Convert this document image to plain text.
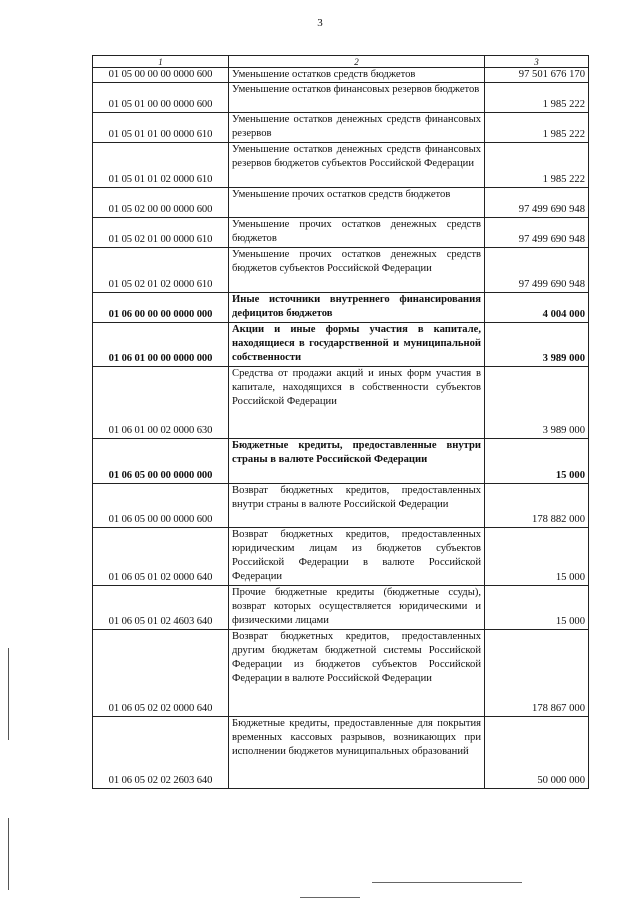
3
1	2	3
01 05 00 00 00 0000 600	Уменьшение остатков средств бюджетов	97 501 676 170
01 05 01 00 00 0000 600	Уменьшение остатков финансовых резервов бюджетов	1 985 222
01 05 01 01 00 0000 610	Уменьшение остатков денежных средств финансовых резервов	1 985 222
01 05 01 01 02 0000 610	Уменьшение остатков денежных средств финансовых резервов бюджетов субъектов Российской Федерации	1 985 222
01 05 02 00 00 0000 600	Уменьшение прочих остатков средств бюджетов	97 499 690 948
01 05 02 01 00 0000 610	Уменьшение прочих остатков денежных средств бюджетов	97 499 690 948
01 05 02 01 02 0000 610	Уменьшение прочих остатков денежных средств бюджетов субъектов Российской Федерации	97 499 690 948
01 06 00 00 00 0000 000	Иные источники внутреннего финансирования дефицитов бюджетов	4 004 000
01 06 01 00 00 0000 000	Акции и иные формы участия в капитале, находящиеся в государственной и муниципальной собственности	3 989 000
01 06 01 00 02 0000 630	Средства от продажи акций и иных форм участия в капитале, находящихся в собственности субъектов Российской Федерации	3 989 000
01 06 05 00 00 0000 000	Бюджетные кредиты, предоставленные внутри страны в валюте Российской Федерации	15 000
01 06 05 00 00 0000 600	Возврат бюджетных кредитов, предоставленных внутри страны в валюте Российской Федерации	178 882 000
01 06 05 01 02 0000 640	Возврат бюджетных кредитов, предоставленных юридическим лицам из бюджетов субъектов Российской Федерации в валюте Российской Федерации	15 000
01 06 05 01 02 4603 640	Прочие бюджетные кредиты (бюджетные ссуды), возврат которых осуществляется юридическими и физическими лицами	15 000
01 06 05 02 02 0000 640	Возврат бюджетных кредитов, предоставленных другим бюджетам бюджетной системы Российской Федерации из бюджетов субъектов Российской Федерации в валюте Российской Федерации	178 867 000
01 06 05 02 02 2603 640	Бюджетные кредиты, предоставленные для покрытия временных кассовых разрывов, возникающих при исполнении бюджетов муниципальных образований	50 000 000
